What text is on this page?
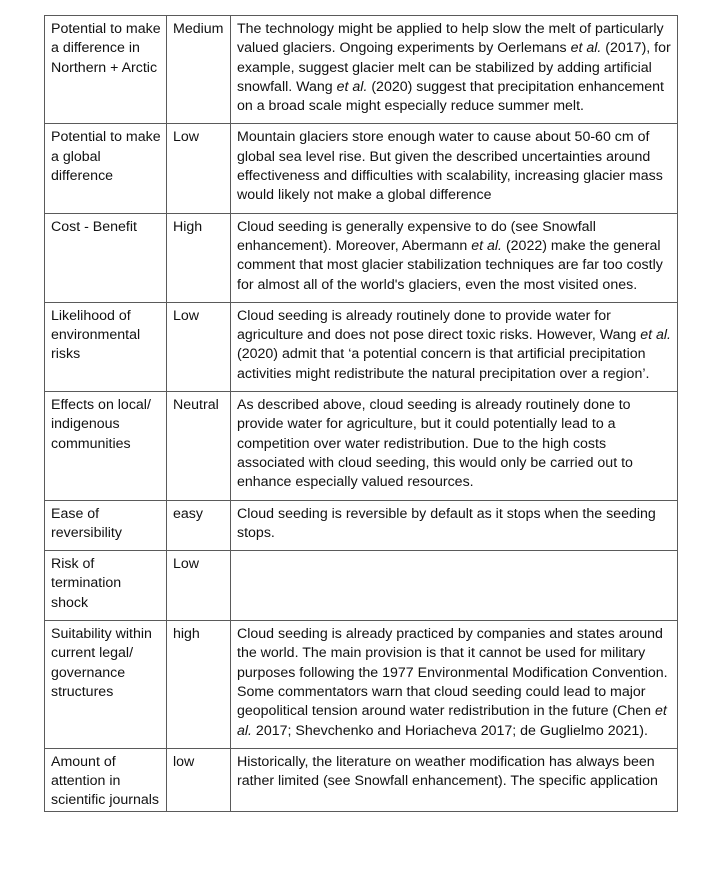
Potential to make a difference in Northern + Arctic	Medium	The technology might be applied to help slow the melt of particularly valued glaciers. Ongoing experiments by Oerlemans et al. (2017), for example, suggest glacier melt can be stabilized by adding artificial snowfall. Wang et al. (2020) suggest that precipitation enhancement on a broad scale might especially reduce summer melt.
Potential to make a global difference	Low	Mountain glaciers store enough water to cause about 50-60 cm of global sea level rise. But given the described uncertainties around effectiveness and difficulties with scalability, increasing glacier mass would likely not make a global difference
Cost - Benefit	High	Cloud seeding is generally expensive to do (see Snowfall enhancement). Moreover, Abermann et al. (2022) make the general comment that most glacier stabilization techniques are far too costly for almost all of the world's glaciers, even the most visited ones.
Likelihood of environmental risks	Low	Cloud seeding is already routinely done to provide water for agriculture and does not pose direct toxic risks. However, Wang et al. (2020) admit that ‘a potential concern is that artificial precipitation activities might redistribute the natural precipitation over a region’.
Effects on local/ indigenous communities	Neutral	As described above, cloud seeding is already routinely done to provide water for agriculture, but it could potentially lead to a competition over water redistribution. Due to the high costs associated with cloud seeding, this would only be carried out to enhance especially valued resources.
Ease of reversibility	easy	Cloud seeding is reversible by default as it stops when the seeding stops.
Risk of termination shock	Low	
Suitability within current legal/ governance structures	high	Cloud seeding is already practiced by companies and states around the world. The main provision is that it cannot be used for military purposes following the 1977 Environmental Modification Convention. Some commentators warn that cloud seeding could lead to major geopolitical tension around water redistribution in the future (Chen et al. 2017; Shevchenko and Horiacheva 2017; de Guglielmo 2021).
Amount of attention in scientific journals	low	Historically, the literature on weather modification has always been rather limited (see Snowfall enhancement). The specific application
